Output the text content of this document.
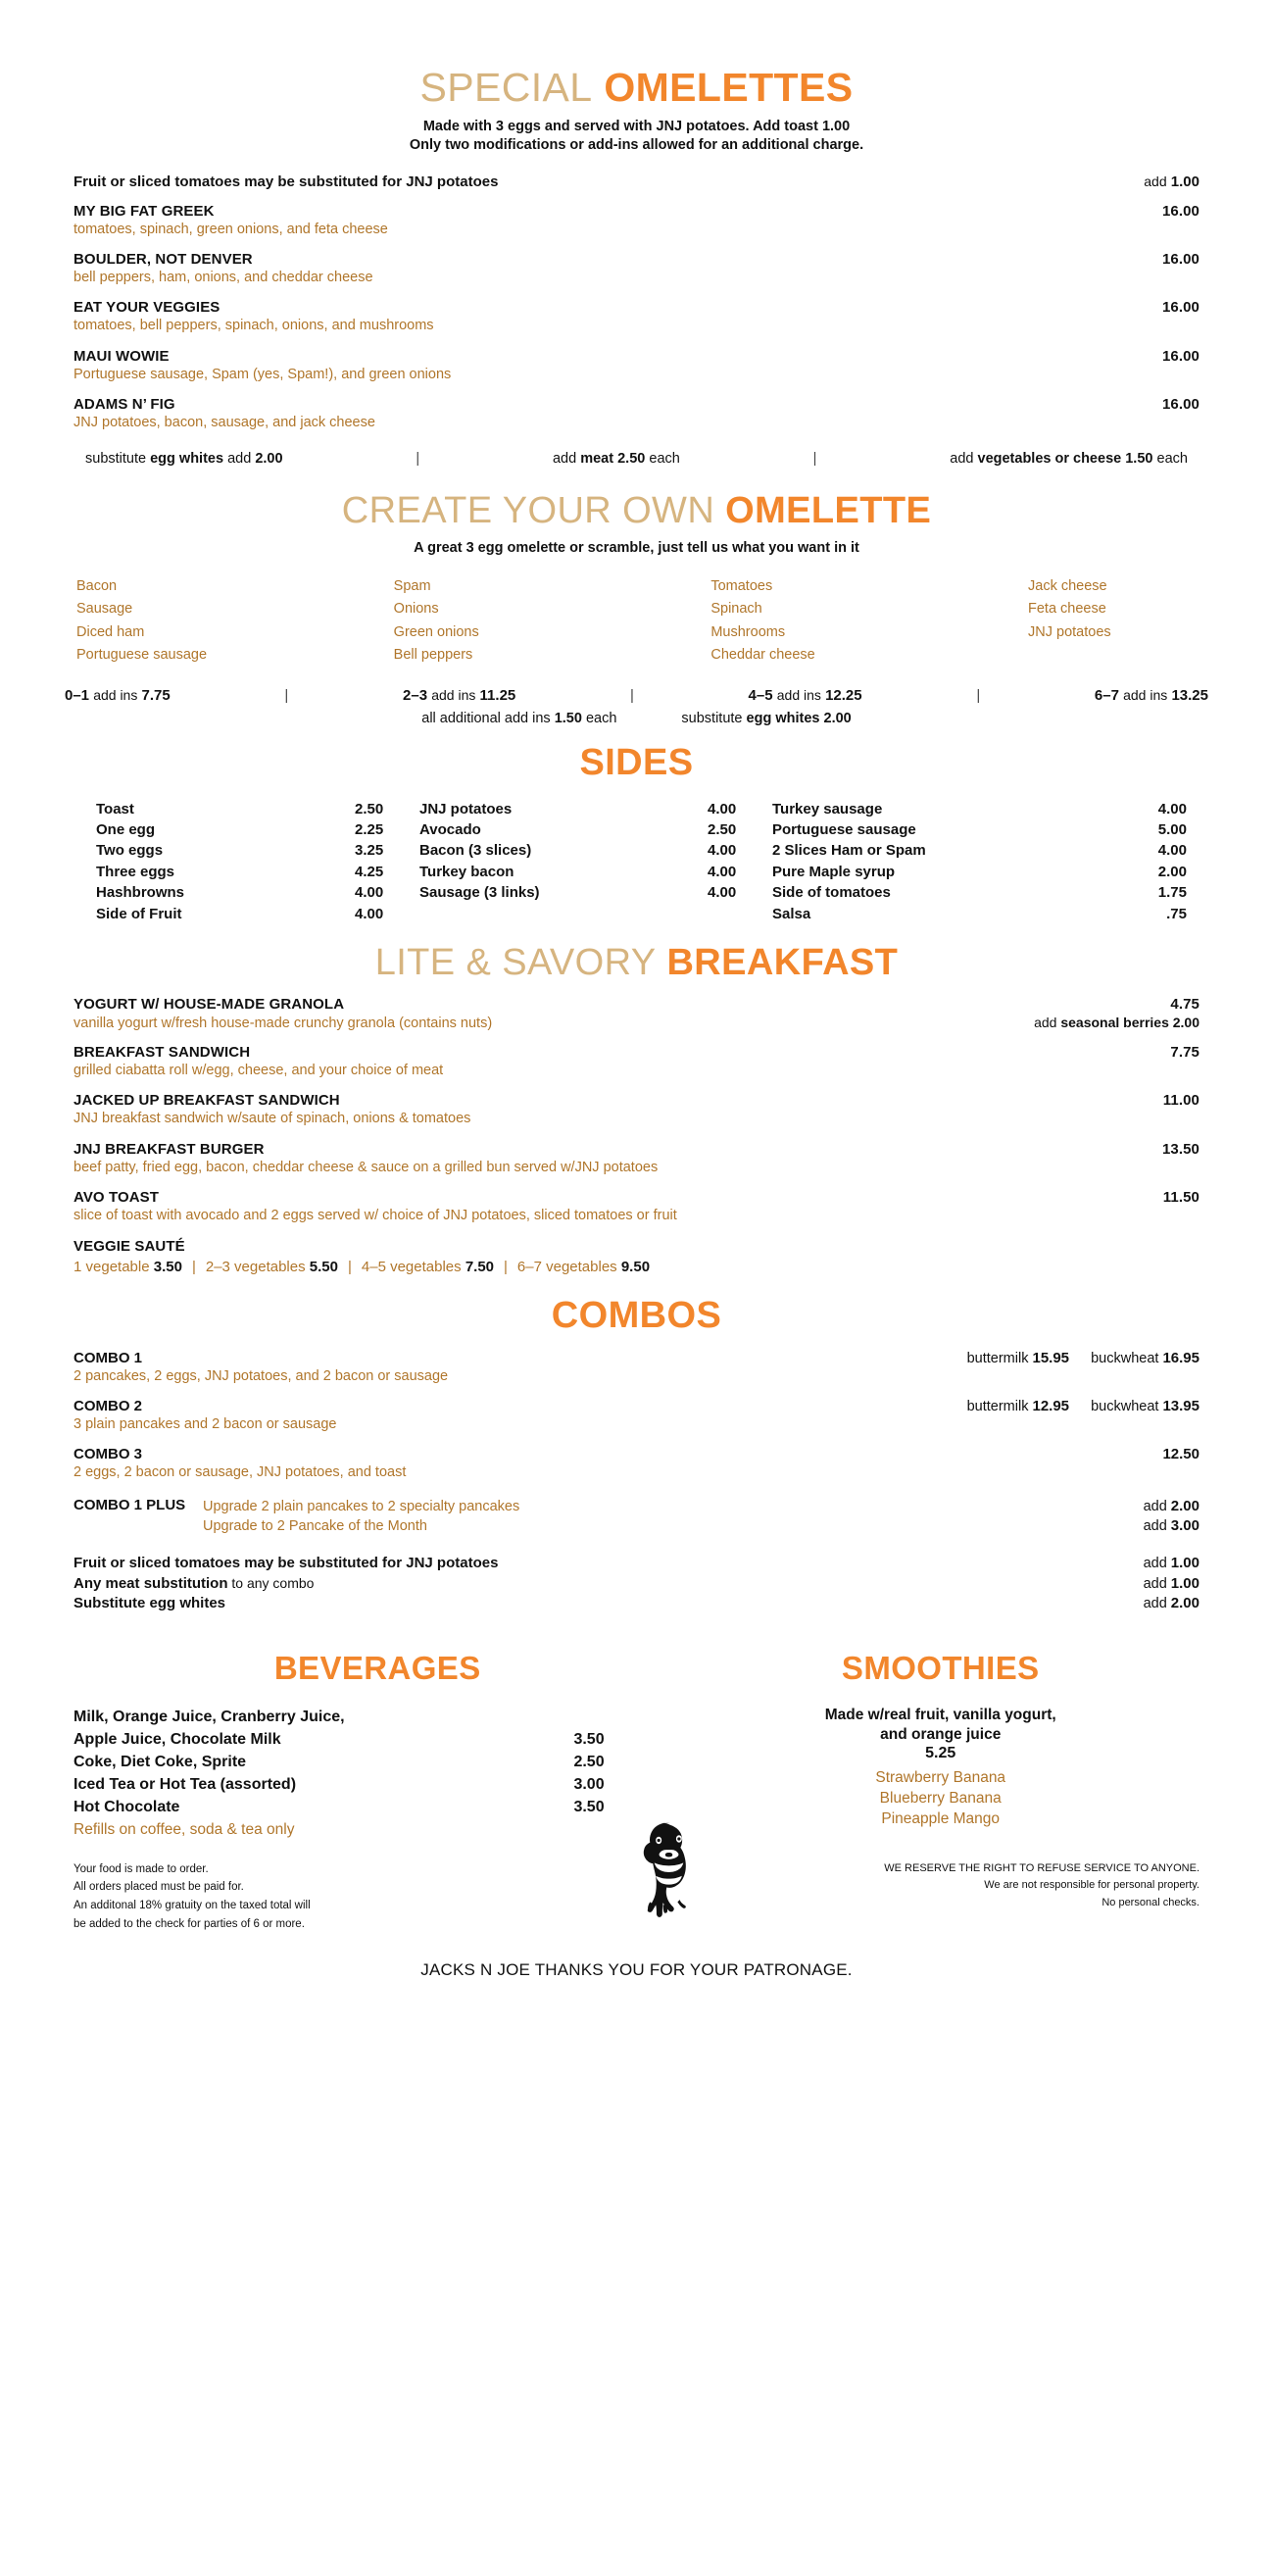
SPECIAL OMELETTES
Made with 3 eggs and served with JNJ potatoes. Add toast 1.00
Only two modifications or add-ins allowed for an additional charge.
Fruit or sliced tomatoes may be substituted for JNJ potatoes	add 1.00
MY BIG FAT GREEK	16.00
tomatoes, spinach, green onions, and feta cheese
BOULDER, NOT DENVER	16.00
bell peppers, ham, onions, and cheddar cheese
EAT YOUR VEGGIES	16.00
tomatoes, bell peppers, spinach, onions, and mushrooms
MAUI WOWIE	16.00
Portuguese sausage, Spam (yes, Spam!), and green onions
ADAMS N’ FIG	16.00
JNJ potatoes, bacon, sausage, and jack cheese
substitute egg whites add 2.00	|	add meat 2.50 each	|	add vegetables or cheese 1.50 each
CREATE YOUR OWN OMELETTE
A great 3 egg omelette or scramble, just tell us what you want in it
Bacon
Sausage
Diced ham
Portuguese sausage
Spam
Onions
Green onions
Bell peppers
Tomatoes
Spinach
Mushrooms
Cheddar cheese
Jack cheese
Feta cheese
JNJ potatoes
0–1 add ins 7.75	|	2–3 add ins 11.25	|	4–5 add ins 12.25	|	6–7 add ins 13.25
all additional add ins 1.50 each	substitute egg whites 2.00
SIDES
Toast	2.50
One egg	2.25
Two eggs	3.25
Three eggs	4.25
Hashbrowns	4.00
Side of Fruit	4.00
JNJ potatoes	4.00
Avocado	2.50
Bacon (3 slices)	4.00
Turkey bacon	4.00
Sausage (3 links)	4.00
Turkey sausage	4.00
Portuguese sausage	5.00
2 Slices Ham or Spam	4.00
Pure Maple syrup	2.00
Side of tomatoes	1.75
Salsa	.75
LITE & SAVORY BREAKFAST
YOGURT W/ HOUSE-MADE GRANOLA	4.75
vanilla yogurt w/fresh house-made crunchy granola (contains nuts)	add seasonal berries 2.00
BREAKFAST SANDWICH	7.75
grilled ciabatta roll w/egg, cheese, and your choice of meat
JACKED UP BREAKFAST SANDWICH	11.00
JNJ breakfast sandwich w/saute of spinach, onions & tomatoes
JNJ BREAKFAST BURGER	13.50
beef patty, fried egg, bacon, cheddar cheese & sauce on a grilled bun served w/JNJ potatoes
AVO TOAST	11.50
slice of toast with avocado and 2 eggs served w/ choice of JNJ potatoes, sliced tomatoes or fruit
VEGGIE SAUTÉ
1 vegetable 3.50 | 2–3 vegetables 5.50 | 4–5 vegetables 7.50 | 6–7 vegetables 9.50
COMBOS
COMBO 1	buttermilk 15.95 buckwheat 16.95
2 pancakes, 2 eggs, JNJ potatoes, and 2 bacon or sausage
COMBO 2	buttermilk 12.95 buckwheat 13.95
3 plain pancakes and 2 bacon or sausage
COMBO 3	12.50
2 eggs, 2 bacon or sausage, JNJ potatoes, and toast
COMBO 1 PLUS	Upgrade 2 plain pancakes to 2 specialty pancakes
Upgrade to 2 Pancake of the Month
add 2.00
add 3.00
Fruit or sliced tomatoes may be substituted for JNJ potatoes	add 1.00
Any meat substitution to any combo	add 1.00
Substitute egg whites	add 2.00
BEVERAGES
Milk, Orange Juice, Cranberry Juice,
Apple Juice, Chocolate Milk	3.50
Coke, Diet Coke, Sprite	2.50
Iced Tea or Hot Tea (assorted)	3.00
Hot Chocolate	3.50
Refills on coffee, soda & tea only
SMOOTHIES
Made w/real fruit, vanilla yogurt,
and orange juice
5.25
Strawberry Banana
Blueberry Banana
Pineapple Mango
Your food is made to order.
All orders placed must be paid for.
An additonal 18% gratuity on the taxed total will
be added to the check for parties of 6 or more.
WE RESERVE THE RIGHT TO REFUSE SERVICE TO ANYONE.
We are not responsible for personal property.
No personal checks.
JACKS N JOE THANKS YOU FOR YOUR PATRONAGE.
